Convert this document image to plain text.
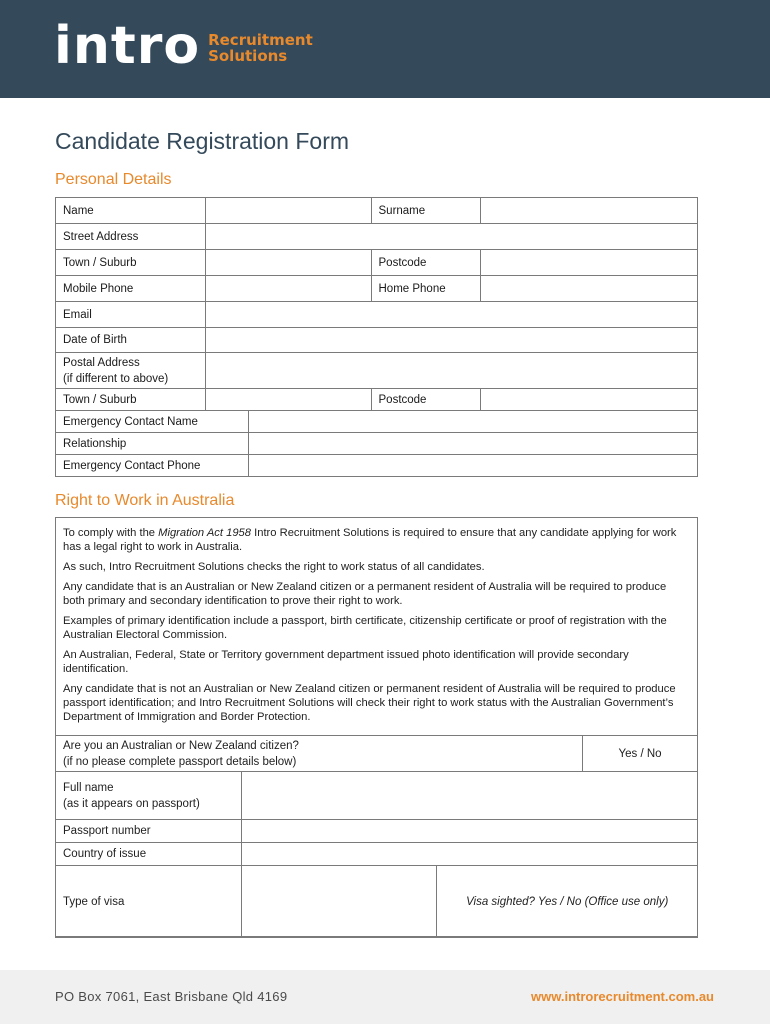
intro Recruitment
Solutions
Candidate Registration Form
Personal Details
Name			Surname	
Street Address				
Town / Suburb			Postcode	
Mobile Phone			Home Phone	
Email				
Date of Birth				

Postal Address
(if different to above)				

Town / Suburb			Postcode	
Emergency Contact Name				
Relationship				
Emergency Contact Phone				
Right to Work in Australia

To comply with the Migration Act 1958 Intro Recruitment Solutions is required to ensure that any candidate applying for work has a legal right to work in Australia.

As such, Intro Recruitment Solutions checks the right to work status of all candidates.

Any candidate that is an Australian or New Zealand citizen or a permanent resident of Australia will be required to produce both primary and secondary identification to prove their right to work.

Examples of primary identification include a passport, birth certificate, citizenship certificate or proof of registration with the Australian Electoral Commission.

An Australian, Federal, State or Territory government department issued photo identification will provide secondary identification.

Any candidate that is not an Australian or New Zealand citizen or permanent resident of Australia will be required to produce passport identification; and Intro Recruitment Solutions will check their right to work status with the Australian Government’s Department of Immigration and Border Protection.

Are you an Australian or New Zealand citizen?
(if no please complete passport details below)			Yes / No

Full name
(as it appears on passport)			

Passport number			
Country of issue			
Type of visa		Visa sighted? Yes / No (Office use only)	
PO Box 7061, East Brisbane Qld 4169	www.introrecruitment.com.au
